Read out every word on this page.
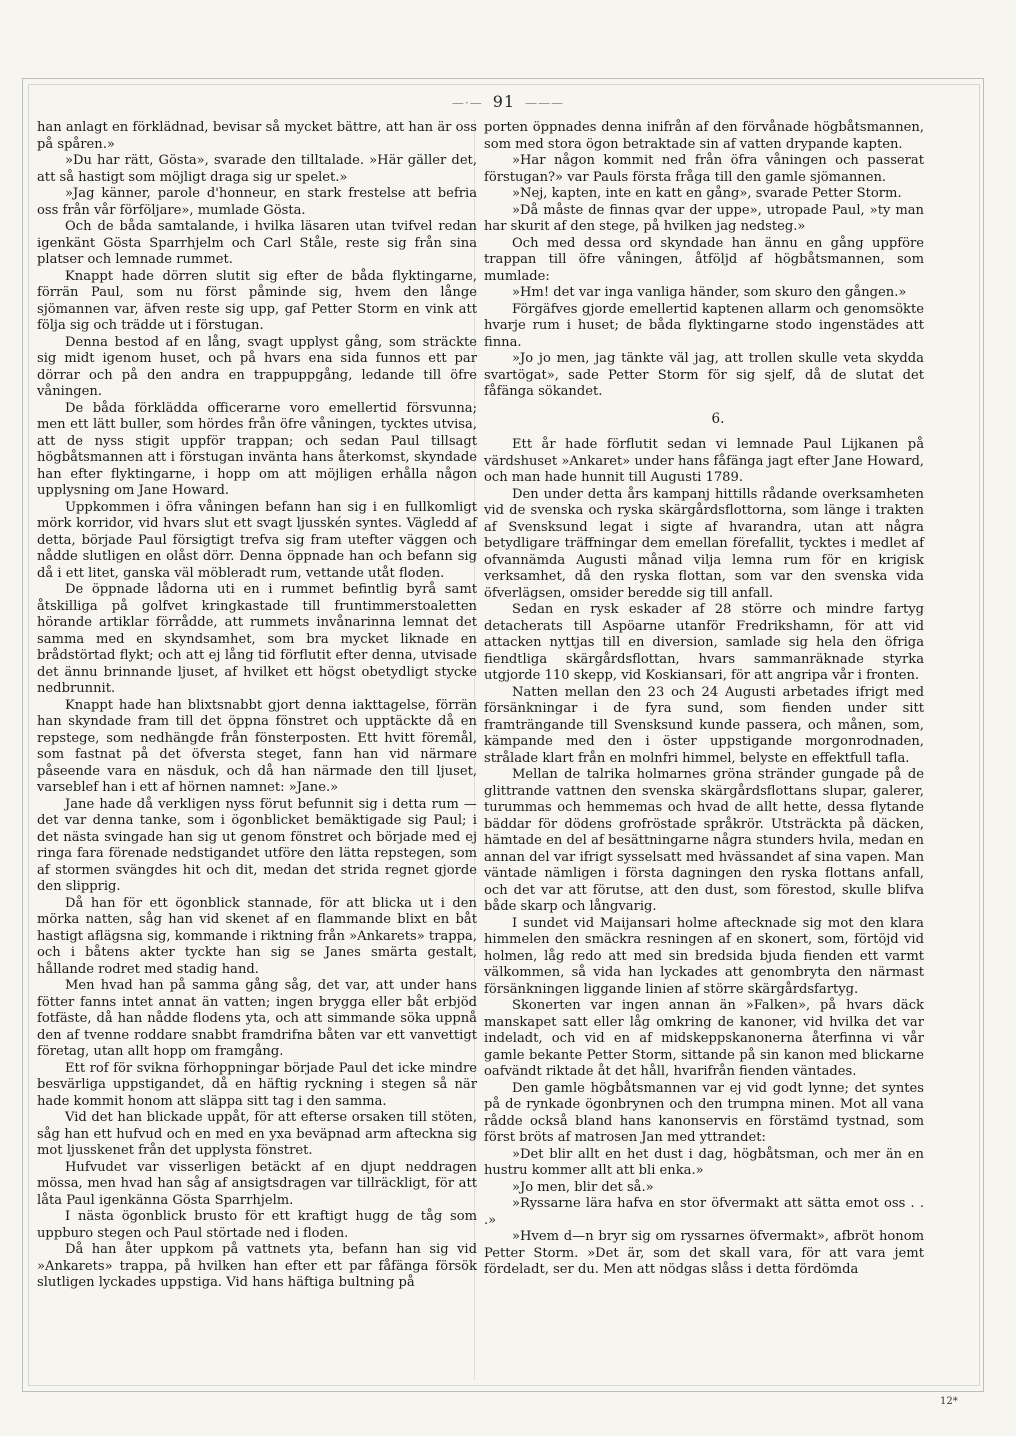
—·— 91 ———

han anlagt en förklädnad, bevisar så mycket bättre, att han är oss på spåren.»

»Du har rätt, Gösta», svarade den tilltalade. »Här gäller det, att så hastigt som möjligt draga sig ur spelet.»

»Jag känner, parole d'honneur, en stark frestelse att befria oss från vår förföljare», mumlade Gösta.

Och de båda samtalande, i hvilka läsaren utan tvifvel redan igenkänt Gösta Sparrhjelm och Carl Ståle, reste sig från sina platser och lemnade rummet.

Knappt hade dörren slutit sig efter de båda flyktingarne, förrän Paul, som nu först påminde sig, hvem den långe sjömannen var, äfven reste sig upp, gaf Petter Storm en vink att följa sig och trädde ut i förstugan.

Denna bestod af en lång, svagt upplyst gång, som sträckte sig midt igenom huset, och på hvars ena sida funnos ett par dörrar och på den andra en trappuppgång, ledande till öfre våningen.

De båda förklädda officerarne voro emellertid försvunna; men ett lätt buller, som hördes från öfre våningen, tycktes utvisa, att de nyss stigit uppför trappan; och sedan Paul tillsagt högbåtsmannen att i förstugan invänta hans återkomst, skyndade han efter flyktingarne, i hopp om att möjligen erhålla någon upplysning om Jane Howard.

Uppkommen i öfra våningen befann han sig i en fullkomligt mörk korridor, vid hvars slut ett svagt ljusskén syntes. Vägledd af detta, började Paul försigtigt trefva sig fram utefter väggen och nådde slutligen en olåst dörr. Denna öppnade han och befann sig då i ett litet, ganska väl möbleradt rum, vettande utåt floden.

De öppnade lådorna uti en i rummet befintlig byrå samt åtskilliga på golfvet kringkastade till fruntimmerstoaletten hörande artiklar förrådde, att rummets invånarinna lemnat det samma med en skyndsamhet, som bra mycket liknade en brådstörtad flykt; och att ej lång tid förflutit efter denna, utvisade det ännu brinnande ljuset, af hvilket ett högst obetydligt stycke nedbrunnit.

Knappt hade han blixtsnabbt gjort denna iakttagelse, förrän han skyndade fram till det öppna fönstret och upptäckte då en repstege, som nedhängde från fönsterposten. Ett hvitt föremål, som fastnat på det öfversta steget, fann han vid närmare påseende vara en näsduk, och då han närmade den till ljuset, varseblef han i ett af hörnen namnet: »Jane.»

Jane hade då verkligen nyss förut befunnit sig i detta rum — det var denna tanke, som i ögonblicket bemäktigade sig Paul; i det nästa svingade han sig ut genom fönstret och började med ej ringa fara förenade nedstigandet utföre den lätta repstegen, som af stormen svängdes hit och dit, medan det strida regnet gjorde den slipprig.

Då han för ett ögonblick stannade, för att blicka ut i den mörka natten, såg han vid skenet af en flammande blixt en båt hastigt aflägsna sig, kommande i riktning från »Ankarets» trappa, och i båtens akter tyckte han sig se Janes smärta gestalt, hållande rodret med stadig hand.

Men hvad han på samma gång såg, det var, att under hans fötter fanns intet annat än vatten; ingen brygga eller båt erbjöd fotfäste, då han nådde flodens yta, och att simmande söka uppnå den af tvenne roddare snabbt framdrifna båten var ett vanvettigt företag, utan allt hopp om framgång.

Ett rof för svikna förhoppningar började Paul det icke mindre besvärliga uppstigandet, då en häftig ryckning i stegen så när hade kommit honom att släppa sitt tag i den samma.

Vid det han blickade uppåt, för att efterse orsaken till stöten, såg han ett hufvud och en med en yxa beväpnad arm afteckna sig mot ljusskenet från det upplysta fönstret.

Hufvudet var visserligen betäckt af en djupt neddragen mössa, men hvad han såg af ansigtsdragen var tillräckligt, för att låta Paul igenkänna Gösta Sparrhjelm.

I nästa ögonblick brusto för ett kraftigt hugg de tåg som uppburo stegen och Paul störtade ned i floden.

Då han åter uppkom på vattnets yta, befann han sig vid »Ankarets» trappa, på hvilken han efter ett par fåfänga försök slutligen lyckades uppstiga. Vid hans häftiga bultning på

porten öppnades denna inifrån af den förvånade högbåtsmannen, som med stora ögon betraktade sin af vatten drypande kapten.

»Har någon kommit ned från öfra våningen och passerat förstugan?» var Pauls första fråga till den gamle sjömannen.

»Nej, kapten, inte en katt en gång», svarade Petter Storm.

»Då måste de finnas qvar der uppe», utropade Paul, »ty man har skurit af den stege, på hvilken jag nedsteg.»

Och med dessa ord skyndade han ännu en gång uppföre trappan till öfre våningen, åtföljd af högbåtsmannen, som mumlade:

»Hm! det var inga vanliga händer, som skuro den gången.»

Förgäfves gjorde emellertid kaptenen allarm och genomsökte hvarje rum i huset; de båda flyktingarne stodo ingenstädes att finna.

»Jo jo men, jag tänkte väl jag, att trollen skulle veta skydda svartögat», sade Petter Storm för sig sjelf, då de slutat det fåfänga sökandet.

6.

Ett år hade förflutit sedan vi lemnade Paul Lijkanen på värdshuset »Ankaret» under hans fåfänga jagt efter Jane Howard, och man hade hunnit till Augusti 1789.

Den under detta års kampanj hittills rådande overksamheten vid de svenska och ryska skärgårdsflottorna, som länge i trakten af Svensksund legat i sigte af hvarandra, utan att några betydligare träffningar dem emellan förefallit, tycktes i medlet af ofvannämda Augusti månad vilja lemna rum för en krigisk verksamhet, då den ryska flottan, som var den svenska vida öfverlägsen, omsider beredde sig till anfall.

Sedan en rysk eskader af 28 större och mindre fartyg detacherats till Aspöarne utanför Fredrikshamn, för att vid attacken nyttjas till en diversion, samlade sig hela den öfriga fiendtliga skärgårdsflottan, hvars sammanräknade styrka utgjorde 110 skepp, vid Koskiansari, för att angripa vår i fronten.

Natten mellan den 23 och 24 Augusti arbetades ifrigt med försänkningar i de fyra sund, som fienden under sitt framträngande till Svensksund kunde passera, och månen, som, kämpande med den i öster uppstigande morgonrodnaden, strålade klart från en molnfri himmel, belyste en effektfull tafla.

Mellan de talrika holmarnes gröna stränder gungade på de glittrande vattnen den svenska skärgårdsflottans slupar, galerer, turummas och hemmemas och hvad de allt hette, dessa flytande bäddar för dödens grofröstade språkrör. Utsträckta på däcken, hämtade en del af besättningarne några stunders hvila, medan en annan del var ifrigt sysselsatt med hvässandet af sina vapen. Man väntade nämligen i första dagningen den ryska flottans anfall, och det var att förutse, att den dust, som förestod, skulle blifva både skarp och långvarig.

I sundet vid Maijansari holme aftecknade sig mot den klara himmelen den smäckra resningen af en skonert, som, förtöjd vid holmen, låg redo att med sin bredsida bjuda fienden ett varmt välkommen, så vida han lyckades att genombryta den närmast försänkningen liggande linien af större skärgårdsfartyg.

Skonerten var ingen annan än »Falken», på hvars däck manskapet satt eller låg omkring de kanoner, vid hvilka det var indeladt, och vid en af midskeppskanonerna återfinna vi vår gamle bekante Petter Storm, sittande på sin kanon med blickarne oafvändt riktade åt det håll, hvarifrån fienden väntades.

Den gamle högbåtsmannen var ej vid godt lynne; det syntes på de rynkade ögonbrynen och den trumpna minen. Mot all vana rådde också bland hans kanonservis en förstämd tystnad, som först bröts af matrosen Jan med yttrandet:

»Det blir allt en het dust i dag, högbåtsman, och mer än en hustru kommer allt att bli enka.»

»Jo men, blir det så.»

»Ryssarne lära hafva en stor öfvermakt att sätta emot oss . . .»

»Hvem d—n bryr sig om ryssarnes öfvermakt», afbröt honom Petter Storm. »Det är, som det skall vara, för att vara jemt fördeladt, ser du. Men att nödgas slåss i detta fördömda

12*
